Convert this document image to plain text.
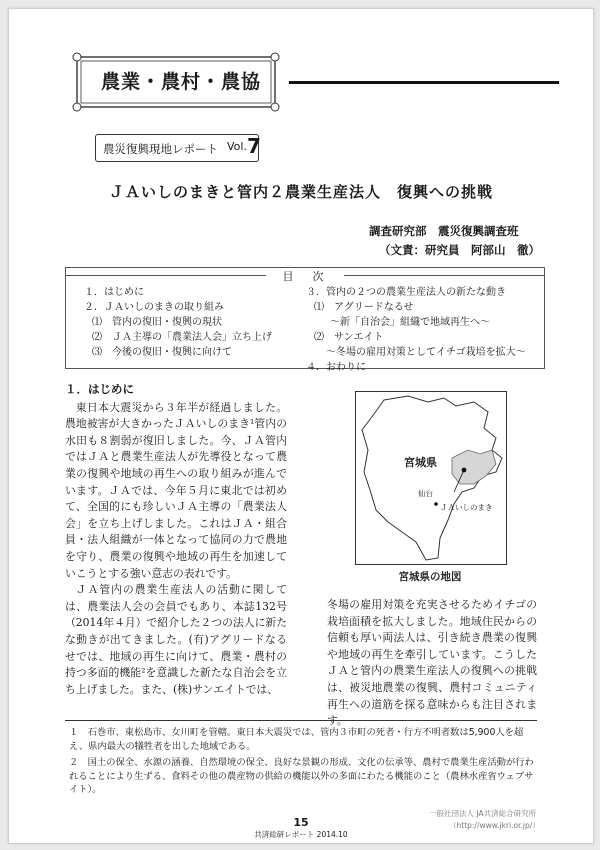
農業・農村・農協
農災復興現地レポート Vol. 7
ＪＡいしのまきと管内２農業生産法人　復興への挑戦
調査研究部　震災復興調査班
（文責：研究員　阿部山　徹）
目　次
１．はじめに
２．ＪＡいしのまきの取り組み
⑴　管内の復旧・復興の現状
⑵　ＪＡ主導の「農業法人会」立ち上げ
⑶　今後の復旧・復興に向けて
３．管内の２つの農業生産法人の新たな動き
⑴　アグリードなるせ
〜新「自治会」組織で地域再生へ〜
⑵　サンエイト
〜冬場の雇用対策としてイチゴ栽培を拡大〜
４．おわりに

１．はじめに

東日本大震災から３年半が経過しました。農地被害が大きかったＪＡいしのまき¹管内の水田も８割弱が復旧しました。今、ＪＡ管内ではＪＡと農業生産法人が先導役となって農業の復興や地域の再生への取り組みが進んでいます。ＪＡでは、今年５月に東北では初めて、全国的にも珍しいＪＡ主導の「農業法人会」を立ち上げしました。これはＪＡ・組合員・法人組織が一体となって協同の力で農地を守り、農業の復興や地域の再生を加速していこうとする強い意志の表れです。

ＪＡ管内の農業生産法人の活動に関しては、農業法人会の会員でもあり、本誌132号（2014年４月）で紹介した２つの法人に新たな動きが出てきました。(有)アグリードなるせでは、地域の再生に向けて、農業・農村の持つ多面的機能²を意識した新たな自治会を立ち上げました。また、(株)サンエイトでは、

宮城県
仙台
ＪＡいしのまき
宮城県の地図

冬場の雇用対策を充実させるためイチゴの栽培面積を拡大しました。地域住民からの信頼も厚い両法人は、引き続き農業の復興や地域の再生を牽引しています。こうしたＪＡと管内の農業生産法人の復興への挑戦は、被災地農業の復興、農村コミュニティ再生への道筋を探る意味からも注目されま

１　石巻市、東松島市、女川町を管轄。東日本大震災では、管内３市町の死者・行方不明者数は5,900人を超え、県内最大の犠牲者を出した地域である。
２　国土の保全、水源の涵養、自然環境の保全、良好な景観の形成、文化の伝承等、農村で農業生産活動が行われることにより生ずる、食料その他の農産物の供給の機能以外の多面にわたる機能のこと（農林水産省ウェブサイト）。
15
共済総研レポート 2014.10
一般社団法人 JA共済総合研究所
（http://www.jkri.or.jp/）
